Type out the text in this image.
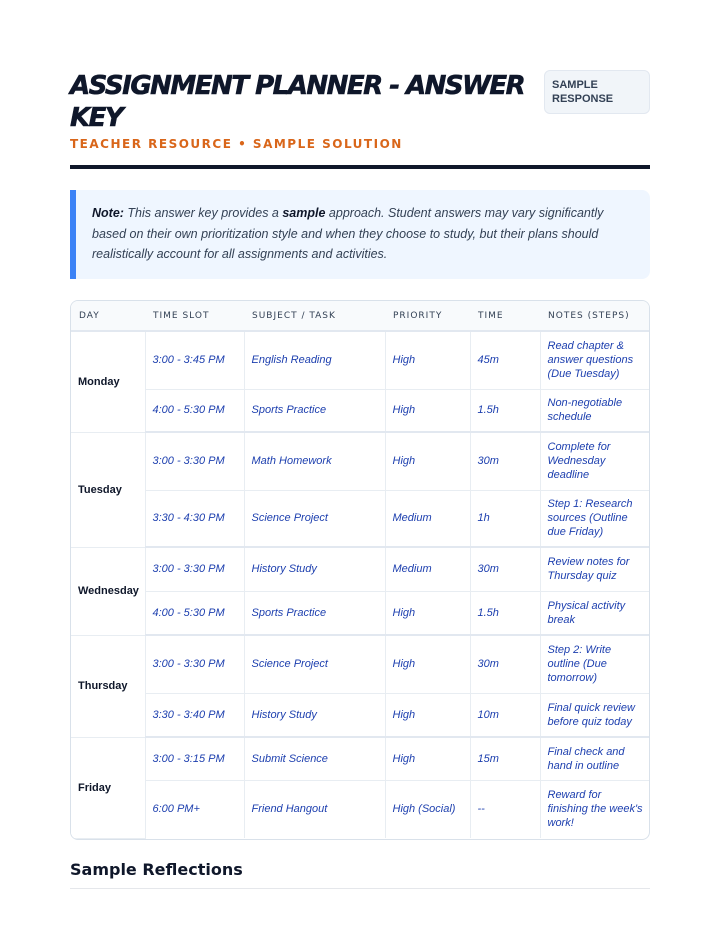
ASSIGNMENT PLANNER - ANSWER KEY
TEACHER RESOURCE • SAMPLE SOLUTION
SAMPLE RESPONSE
Note: This answer key provides a sample approach. Student answers may vary significantly based on their own prioritization style and when they choose to study, but their plans should realistically account for all assignments and activities.
DAY	TIME SLOT	SUBJECT / TASK	PRIORITY	TIME	NOTES (STEPS)
Monday	3:00 - 3:45 PM	English Reading	High	45m	Read chapter & answer questions (Due Tuesday)
	4:00 - 5:30 PM	Sports Practice	High	1.5h	Non-negotiable schedule
Tuesday	3:00 - 3:30 PM	Math Homework	High	30m	Complete for Wednesday deadline
	3:30 - 4:30 PM	Science Project	Medium	1h	Step 1: Research sources (Outline due Friday)
Wednesday	3:00 - 3:30 PM	History Study	Medium	30m	Review notes for Thursday quiz
	4:00 - 5:30 PM	Sports Practice	High	1.5h	Physical activity break
Thursday	3:00 - 3:30 PM	Science Project	High	30m	Step 2: Write outline (Due tomorrow)
	3:30 - 3:40 PM	History Study	High	10m	Final quick review before quiz today
Friday	3:00 - 3:15 PM	Submit Science	High	15m	Final check and hand in outline
	6:00 PM+	Friend Hangout	High (Social)	--	Reward for finishing the week's work!
Sample Reflections
